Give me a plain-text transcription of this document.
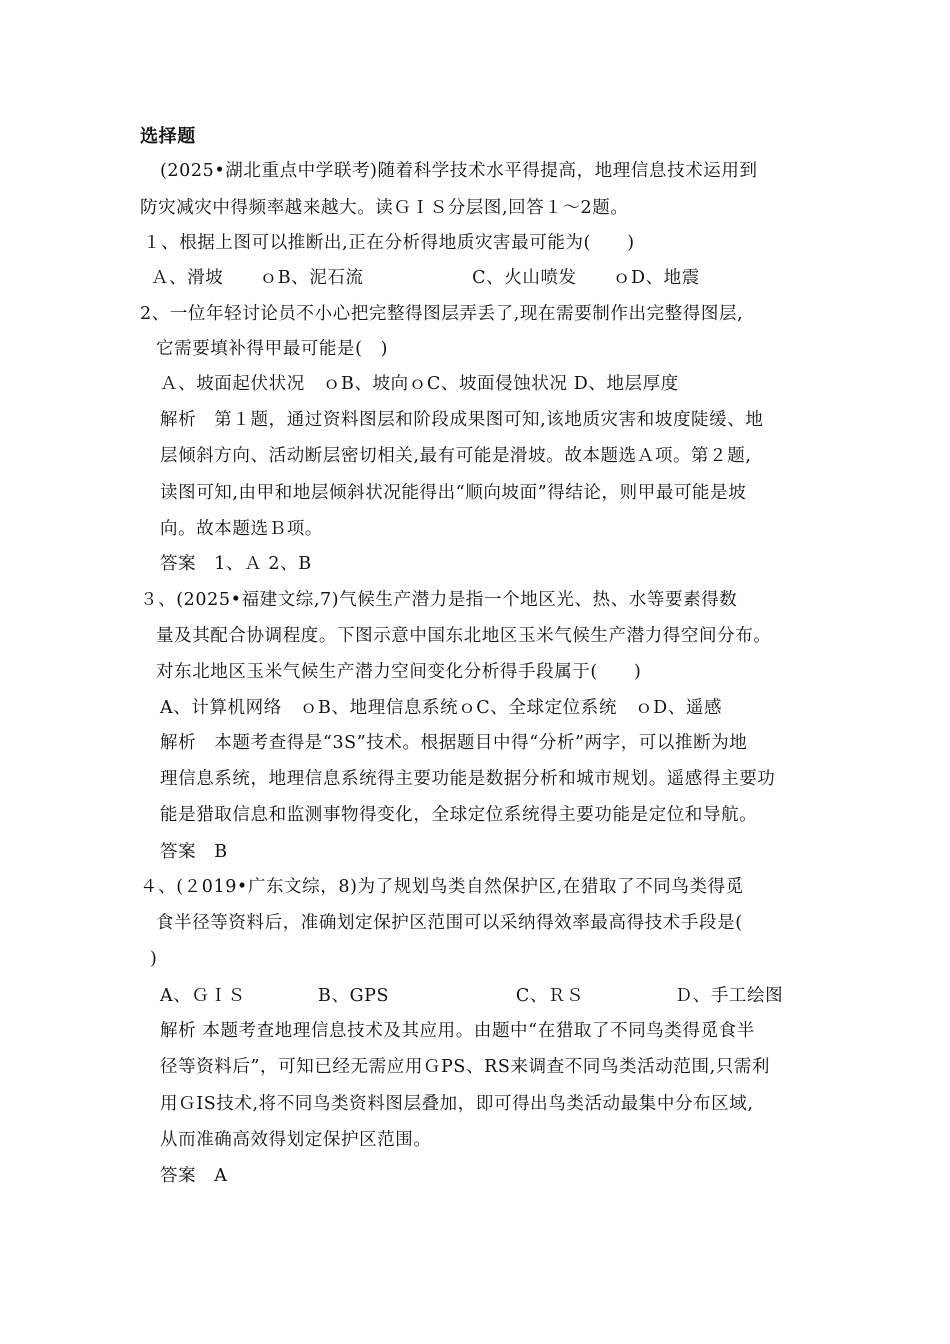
选择题
(2025•湖北重点中学联考)随着科学技术水平得提高，地理信息技术运用到
防灾减灾中得频率越来越大。读ＧＩＳ分层图,回答１～2题。
１、根据上图可以推断出,正在分析得地质灾害最可能为(　　)
Ａ、滑坡　　ｏB、泥石流　　　　　　C、火山喷发　　ｏD、地震
2、一位年轻讨论员不小心把完整得图层弄丢了,现在需要制作出完整得图层,
它需要填补得甲最可能是(　)
Ａ、坡面起伏状况　ｏB、坡向ｏC、坡面侵蚀状况 D、地层厚度
解析　第１题，通过资料图层和阶段成果图可知,该地质灾害和坡度陡缓、地
层倾斜方向、活动断层密切相关,最有可能是滑坡。故本题选Ａ项。第２题,
读图可知,由甲和地层倾斜状况能得出“顺向坡面”得结论，则甲最可能是坡
向。故本题选Ｂ项。
答案　1、Ａ 2、B
３、(2025•福建文综,7)气候生产潜力是指一个地区光、热、水等要素得数
量及其配合协调程度。下图示意中国东北地区玉米气候生产潜力得空间分布。
对东北地区玉米气候生产潜力空间变化分析得手段属于(　　)
A、计算机网络　ｏB、地理信息系统ｏC、全球定位系统　ｏD、遥感
解析　本题考查得是“3S”技术。根据题目中得“分析”两字，可以推断为地
理信息系统，地理信息系统得主要功能是数据分析和城市规划。遥感得主要功
能是猎取信息和监测事物得变化，全球定位系统得主要功能是定位和导航。
答案　B
４、(２019•广东文综，8)为了规划鸟类自然保护区,在猎取了不同鸟类得觅
食半径等资料后，准确划定保护区范围可以采纳得效率最高得技术手段是(
)
A、ＧＩＳ　　　　B、GPS　　　　　　　C、ＲＳ　　　　　Ｄ、手工绘图
解析 本题考查地理信息技术及其应用。由题中“在猎取了不同鸟类得觅食半
径等资料后”，可知已经无需应用ＧPS、RS来调查不同鸟类活动范围,只需利
用ＧIS技术,将不同鸟类资料图层叠加，即可得出鸟类活动最集中分布区域,
从而准确高效得划定保护区范围。
答案　A
